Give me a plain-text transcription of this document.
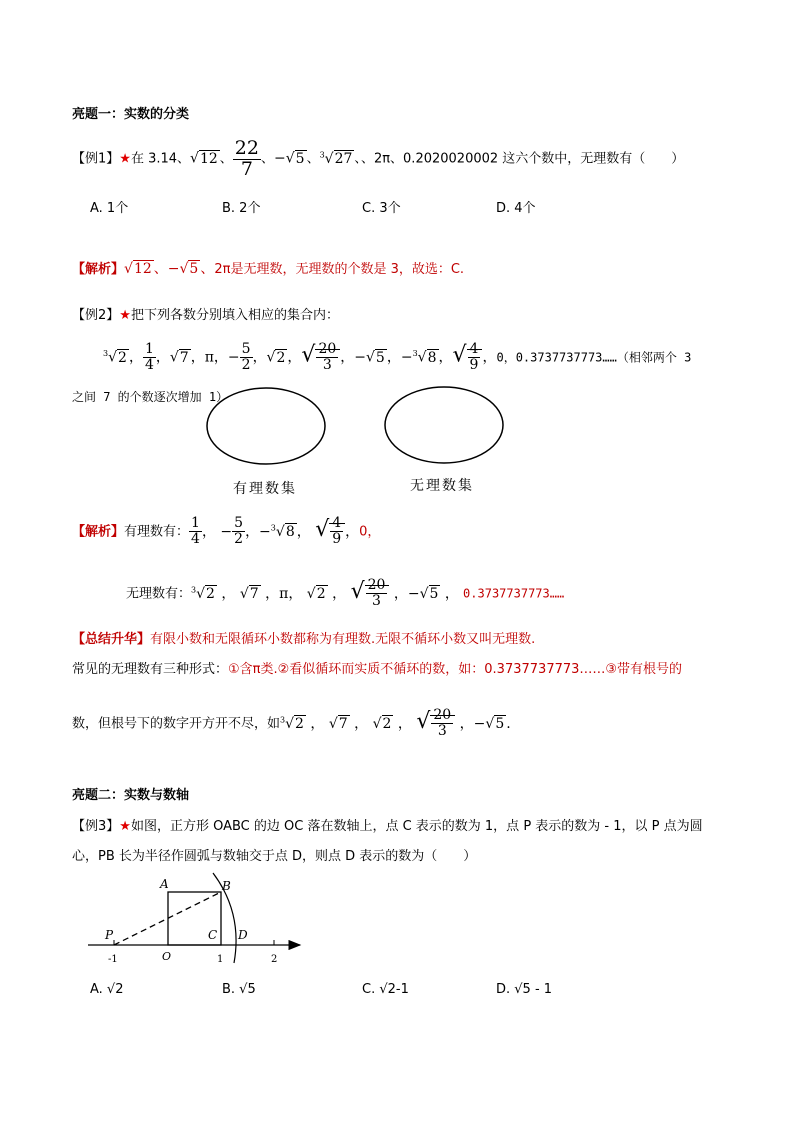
亮题一：实数的分类
【例1】★在 3.14、√12 、 $\frac{22}{7}$ 、−√5 、$^3$√27 、、2π、0.2020020002 这六个数中，无理数有（　　）
A. 1个	B. 2个	C. 3个	D. 4个
【解析】√12 、−√5 、2π是无理数，无理数的个数是 3，故选：C.
【例2】★把下列各数分别填入相应的集合内：
$^3$√2 ， $\frac{1}{4}$ ，√7 ，π，− $\frac{5}{2}$ ，√2 ，√ $\frac{20}{3}$ ，−√5 ，−$^3$√8 ，√ $\frac{4}{9}$ ，0，0.3737737773……（相邻两个 3
之间 7 的个数逐次增加 1）
有理数集	无理数集
【解析】有理数有： $\frac{1}{4}$ ， − $\frac{5}{2}$ ，−$^3$√8 ， √ $\frac{4}{9}$ ，0，
无理数有：$^3$√2 ， √7 ，π， √2 ， √ $\frac{20}{3}$ ，−√5 ， 0.3737737773……
【总结升华】有限小数和无限循环小数都称为有理数.无限不循环小数又叫无理数.
常见的无理数有三种形式：①含π类.②看似循环而实质不循环的数，如：0.3737737773……③带有根号的
数，但根号下的数字开方开不尽，如$^3$√2 ， √7 ， √2 ， √ $\frac{20}{3}$ ，−√5 .
亮题二：实数与数轴
【例3】★如图，正方形 OABC 的边 OC 落在数轴上，点 C 表示的数为 1，点 P 表示的数为 - 1，以 P 点为圆
心，PB 长为半径作圆弧与数轴交于点 D，则点 D 表示的数为（　　）
A	B
P	C D
O
-1	1	2
A. √2	B. √5	C. √2-1	D. √5 - 1
